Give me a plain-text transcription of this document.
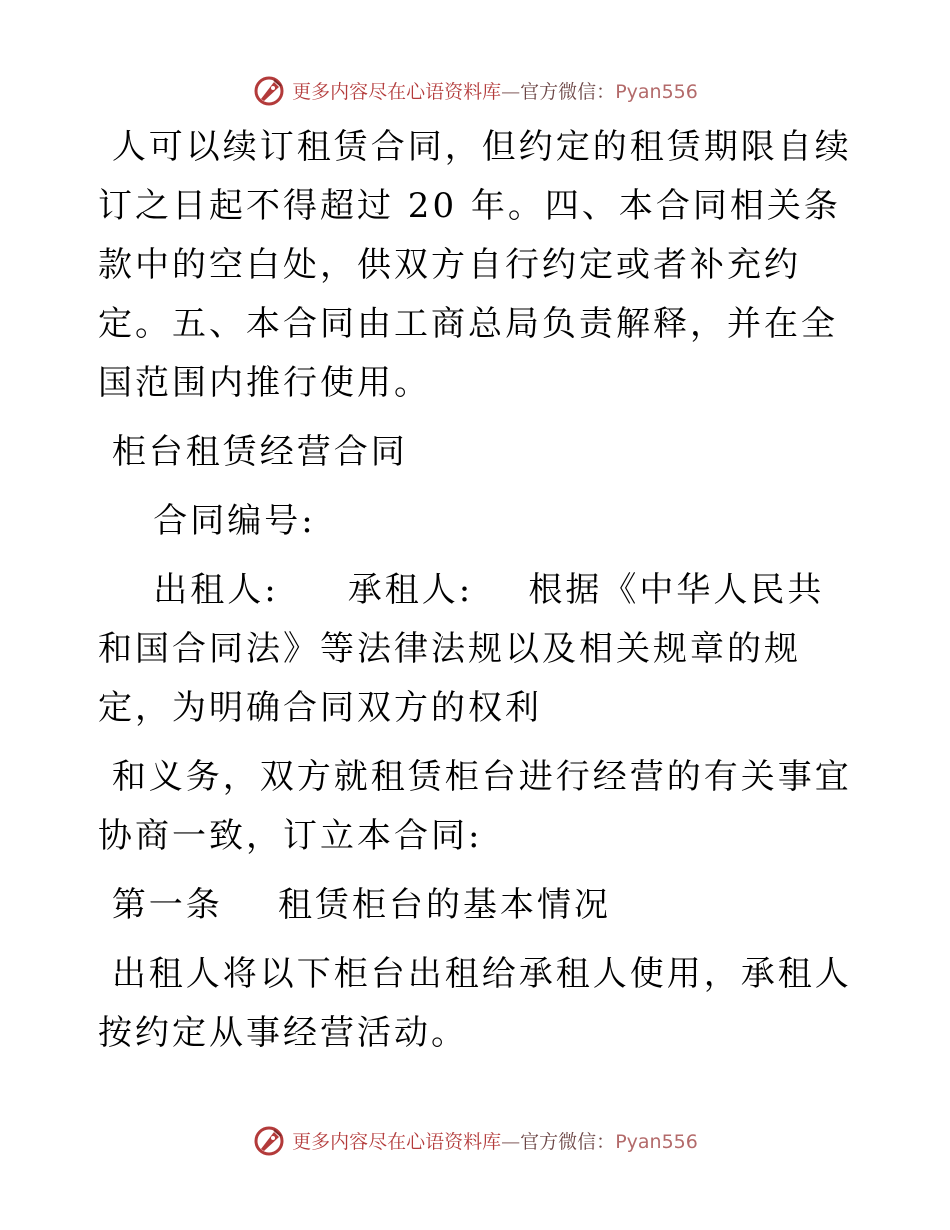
更多内容尽在心语资料库—官方微信：Pyan556

人可以续订租赁合同，但约定的租赁期限自续订之日起不得超过 20 年。四、本合同相关条款中的空白处，供双方自行约定或者补充约定。五、本合同由工商总局负责解释，并在全国范围内推行使用。

柜台租赁经营合同

合同编号:

出租人:     承租人:    根据《中华人民共和国合同法》等法律法规以及相关规章的规定，为明确合同双方的权利

和义务，双方就租赁柜台进行经营的有关事宜协商一致，订立本合同:

第一条    租赁柜台的基本情况

出租人将以下柜台出租给承租人使用，承租人按约定从事经营活动。

更多内容尽在心语资料库—官方微信：Pyan556
